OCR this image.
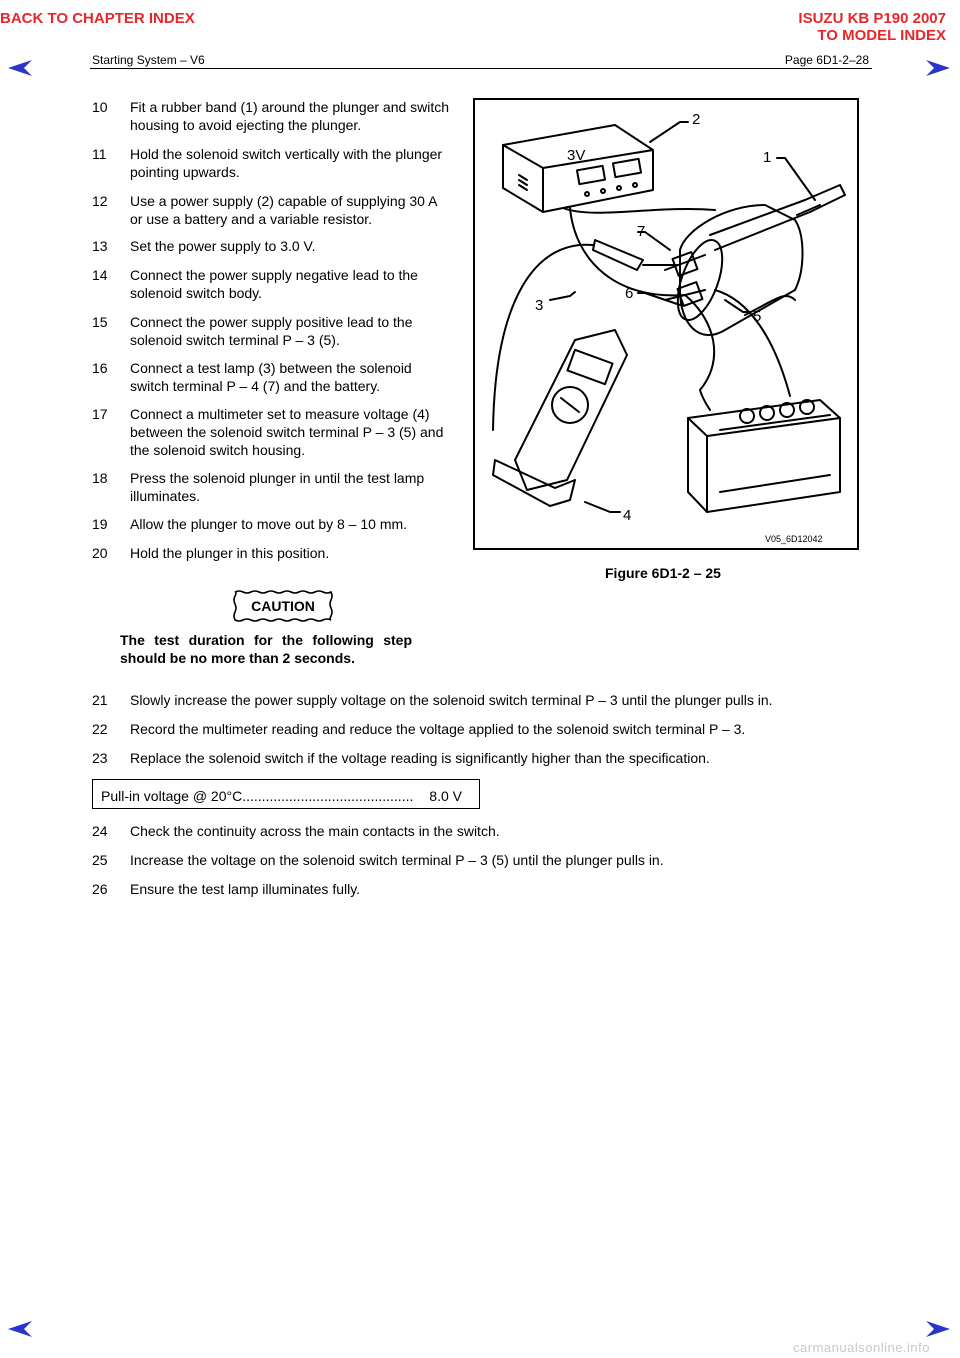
BACK TO CHAPTER INDEX	ISUZU KB P190 2007
TO MODEL INDEX
Starting System – V6	Page 6D1-2–28
10 Fit a rubber band (1) around the plunger and switch housing to avoid ejecting the plunger.
11 Hold the solenoid switch vertically with the plunger pointing upwards.
12 Use a power supply (2) capable of supplying 30 A or use a battery and a variable resistor.
13 Set the power supply to 3.0 V.
14 Connect the power supply negative lead to the solenoid switch body.
15 Connect the power supply positive lead to the solenoid switch terminal P – 3 (5).
16 Connect a test lamp (3) between the solenoid switch terminal P – 4 (7) and the battery.
17 Connect a multimeter set to measure voltage (4) between the solenoid switch terminal P – 3 (5) and the solenoid switch housing.
18 Press the solenoid plunger in until the test lamp illuminates.
19 Allow the plunger to move out by 8 – 10 mm.
20 Hold the plunger in this position.
3V	1
2
3
4
5
6
7
V05_6D12042
Figure 6D1-2 – 25
CAUTION
The test duration for the following step should be no more than 2 seconds.
21 Slowly increase the power supply voltage on the solenoid switch terminal P – 3 until the plunger pulls in.
22 Record the multimeter reading and reduce the voltage applied to the solenoid switch terminal P – 3.
23 Replace the solenoid switch if the voltage reading is significantly higher than the specification.
Pull-in voltage @ 20°C ............................................ 8.0 V
24 Check the continuity across the main contacts in the switch.
25 Increase the voltage on the solenoid switch terminal P – 3 (5) until the plunger pulls in.
26 Ensure the test lamp illuminates fully.
carmanualsonline.info
